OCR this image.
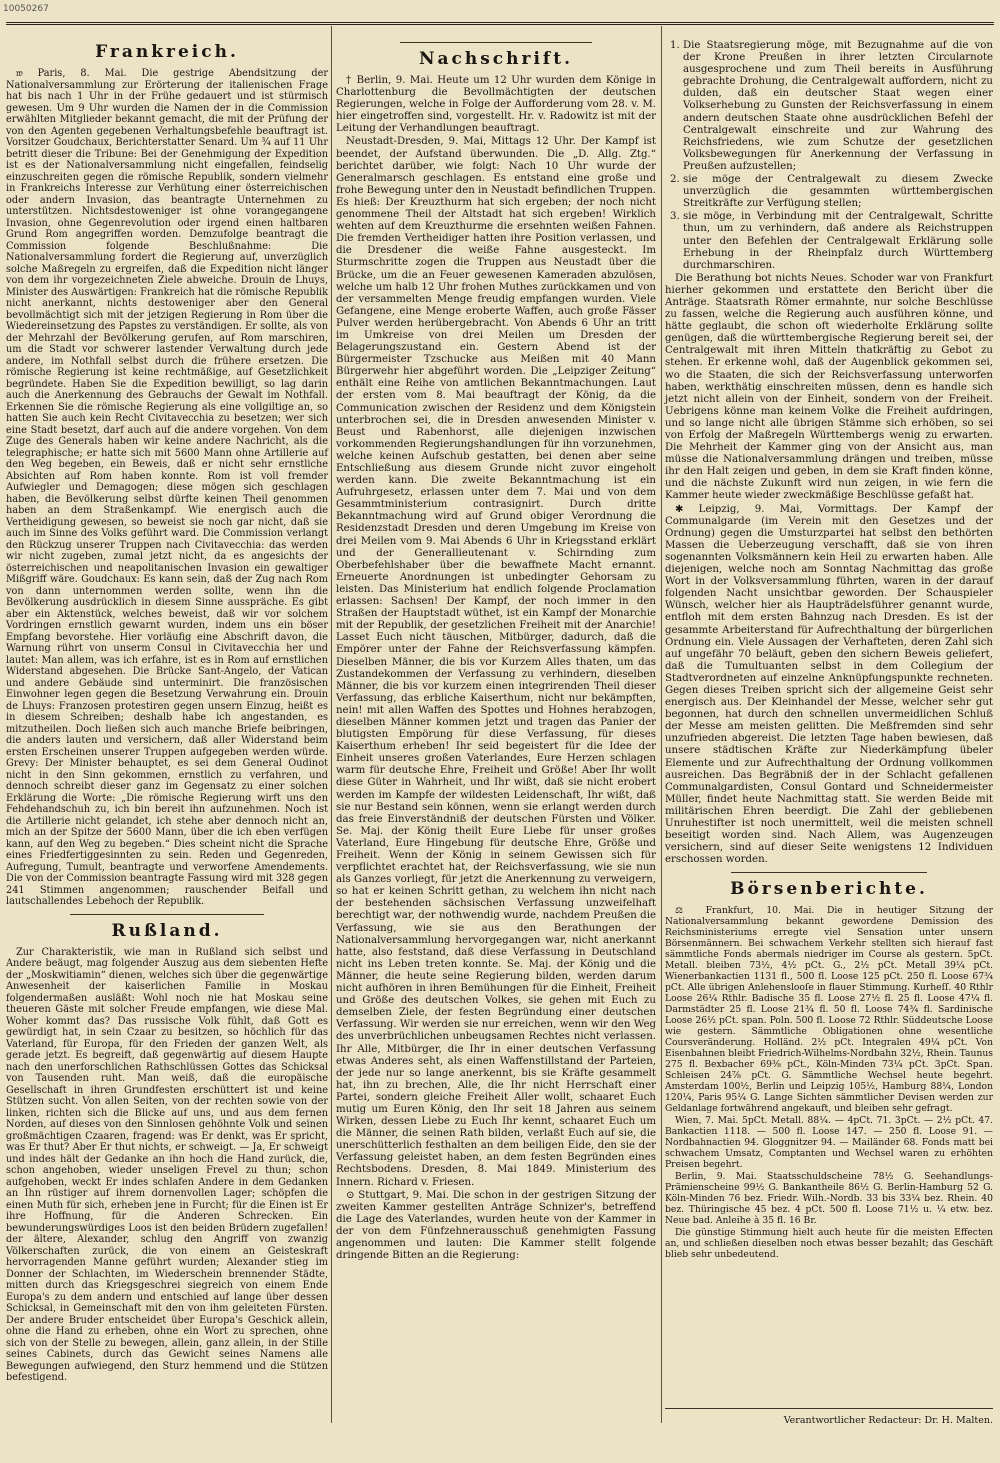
10050267
Frankreich.

𝔴 Paris, 8. Mai. Die gestrige Abendsitzung der Nationalversammlung zur Erörterung der italienischen Frage hat bis nach 1 Uhr in der Frühe gedauert und ist stürmisch gewesen. Um 9 Uhr wurden die Namen der in die Commission erwählten Mitglieder bekannt gemacht, die mit der Prüfung der von den Agenten gegebenen Verhaltungsbefehle beauftragt ist. Vorsitzer Goudchaux, Berichterstatter Senard. Um ¾ auf 11 Uhr betritt dieser die Tribune: Bei der Genehmigung der Expedition ist es der Nationalversammlung nicht eingefallen, feindselig einzuschreiten gegen die römische Republik, sondern vielmehr in Frankreichs Interesse zur Verhütung einer österreichischen oder andern Invasion, das beantragte Unternehmen zu unterstützen. Nichtsdestoweniger ist ohne vorangegangene Invasion, ohne Gegenrevolution oder irgend einen haltbaren Grund Rom angegriffen worden. Demzufolge beantragt die Commission folgende Beschlußnahme: Die Nationalversammlung fordert die Regierung auf, unverzüglich solche Maßregeln zu ergreifen, daß die Expedition nicht länger von dem ihr vorgezeichneten Ziele abweiche. Drouin de Lhuys, Minister des Auswärtigen: Frankreich hat die römische Republik nicht anerkannt, nichts destoweniger aber den General bevollmächtigt sich mit der jetzigen Regierung in Rom über die Wiedereinsetzung des Papstes zu verständigen. Er sollte, als von der Mehrzahl der Bevölkerung gerufen, auf Rom marschiren, um die Stadt vor schwerer lastender Verwaltung durch jede andere, im Nothfall selbst durch die frühere ersetzen. Die römische Regierung ist keine rechtmäßige, auf Gesetzlichkeit begründete. Haben Sie die Expedition bewilligt, so lag darin auch die Anerkennung des Gebrauchs der Gewalt im Nothfall. Erkennen Sie die römische Regierung als eine vollgiltige an, so hatten Sie auch kein Recht Civitavecchia zu besetzen; wer sich eine Stadt besetzt, darf auch auf die andere vorgehen. Von dem Zuge des Generals haben wir keine andere Nachricht, als die telegraphische; er hatte sich mit 5600 Mann ohne Artillerie auf den Weg begeben, ein Beweis, daß er nicht sehr ernstliche Absichten auf Rom haben konnte. Rom ist voll fremder Aufwiegler und Demagogen; diese mögen sich geschlagen haben, die Bevölkerung selbst dürfte keinen Theil genommen haben an dem Straßenkampf. Wie energisch auch die Vertheidigung gewesen, so beweist sie noch gar nicht, daß sie auch im Sinne des Volks geführt ward. Die Commission verlangt den Rückzug unserer Truppen nach Civitavecchia: das werden wir nicht zugeben, zumal jetzt nicht, da es angesichts der österreichischen und neapolitanischen Invasion ein gewaltiger Mißgriff wäre. Goudchaux: Es kann sein, daß der Zug nach Rom von dann unternommen werden sollte, wenn ihn die Bevölkerung ausdrücklich in diesem Sinne ausspräche. Es gibt aber ein Aktenstück, welches beweist, daß wir vor solchem Vordringen ernstlich gewarnt wurden, indem uns ein böser Empfang bevorstehe. Hier vorläufig eine Abschrift davon, die Warnung rührt von unserm Consul in Civitavecchia her und lautet: Man allem, was ich erfahre, ist es in Rom auf ernstlichen Widerstand abgesehen. Die Brücke Sant-Angelo, der Vatican und andere Gebäude sind unterminirt. Die französischen Einwohner legen gegen die Besetzung Verwahrung ein. Drouin de Lhuys: Franzosen protestiren gegen unsern Einzug, heißt es in diesem Schreiben; deshalb habe ich angestanden, es mitzutheilen. Doch ließen sich auch manche Briefe beibringen, die anders lauten und versichern, daß aller Widerstand beim ersten Erscheinen unserer Truppen aufgegeben werden würde. Grevy: Der Minister behauptet, es sei dem General Oudinot nicht in den Sinn gekommen, ernstlich zu verfahren, und dennoch schreibt dieser ganz im Gegensatz zu einer solchen Erklärung die Worte: „Die römische Regierung wirft uns den Fehdehandschuh zu, ich bin bereit ihn aufzunehmen. Noch ist die Artillerie nicht gelandet, ich stehe aber dennoch nicht an, mich an der Spitze der 5600 Mann, über die ich eben verfügen kann, auf den Weg zu begeben.“ Dies scheint nicht die Sprache eines Friedfertiggesinnten zu sein. Reden und Gegenreden, Aufregung, Tumult, beantragte und verworfene Amendements. Die von der Commission beantragte Fassung wird mit 328 gegen 241 Stimmen angenommen; rauschender Beifall und lautschallendes Lebehoch der Republik.

Rußland.

Zur Charakteristik, wie man in Rußland sich selbst und Andere beäugt, mag folgender Auszug aus dem siebenten Hefte der „Moskwitiamin“ dienen, welches sich über die gegenwärtige Anwesenheit der kaiserlichen Familie in Moskau folgendermaßen ausläßt: Wohl noch nie hat Moskau seine theueren Gäste mit solcher Freude empfangen, wie diese Mal. Woher kommt das? Das russische Volk fühlt, daß Gott es gewürdigt hat, in sein Czaar zu besitzen, so höchlich für das Vaterland, für Europa, für den Frieden der ganzen Welt, als gerade jetzt. Es begreift, daß gegenwärtig auf diesem Haupte nach den unerforschlichen Rathschlüssen Gottes das Schicksal von Tausenden ruht. Man weiß, daß die europäische Gesellschaft in ihren Grundfesten erschüttert ist und keine Stützen sucht. Von allen Seiten, von der rechten sowie von der linken, richten sich die Blicke auf uns, und aus dem fernen Norden, auf dieses von den Sinnlosen gehöhnte Volk und seinen großmächtigen Czaaren, fragend: was Er denkt, was Er spricht, was Er thut? Aber Er thut nichts, er schweigt. — Ja, Er schweigt und indes hält der Gedanke an ihn hoch die Hand zurück, die, schon angehoben, wieder unseligen Frevel zu thun; schon aufgehoben, weckt Er indes schlafen Andere in dem Gedanken an Ihn rüstiger auf ihrem dornenvollen Lager; schöpfen die einen Muth für sich, erheben jene in Furcht; für die Einen ist Er ihre Hoffnung, für die Anderen Schrecken. Ein bewunderungswürdiges Loos ist den beiden Brüdern zugefallen! der ältere, Alexander, schlug den Angriff von zwanzig Völkerschaften zurück, die von einem an Geisteskraft hervorragenden Manne geführt wurden; Alexander stieg im Donner der Schlachten, im Wiederschein brennender Städte, mitten durch das Kriegsgeschrei siegreich von einem Ende Europa's zu dem andern und entschied auf lange über dessen Schicksal, in Gemeinschaft mit den von ihm geleiteten Fürsten. Der andere Bruder entscheidet über Europa's Geschick allein, ohne die Hand zu erheben, ohne ein Wort zu sprechen, ohne sich von der Stelle zu bewegen, allein, ganz allein, in der Stille seines Cabinets, durch das Gewicht seines Namens alle Bewegungen aufwiegend, den Sturz hemmend und die Stützen befestigend.

Nachschrift.

† Berlin, 9. Mai. Heute um 12 Uhr wurden dem Könige in Charlottenburg die Bevollmächtigten der deutschen Regierungen, welche in Folge der Aufforderung vom 28. v. M. hier eingetroffen sind, vorgestellt. Hr. v. Radowitz ist mit der Leitung der Verhandlungen beauftragt.

Neustadt-Dresden, 9. Mai, Mittags 12 Uhr. Der Kampf ist beendet, der Aufstand überwunden. Die „D. Allg. Ztg.“ berichtet darüber, wie folgt: Nach 10 Uhr wurde der Generalmarsch geschlagen. Es entstand eine große und frohe Bewegung unter den in Neustadt befindlichen Truppen. Es hieß: Der Kreuzthurm hat sich ergeben; der noch nicht genommene Theil der Altstadt hat sich ergeben! Wirklich wehten auf dem Kreuzthurme die ersehnten weißen Fahnen. Die fremden Vertheidiger hatten ihre Position verlassen, und die Dresdener die weiße Fahne ausgesteckt. Im Sturmschritte zogen die Truppen aus Neustadt über die Brücke, um die an Feuer gewesenen Kameraden abzulösen, welche um halb 12 Uhr frohen Muthes zurückkamen und von der versammelten Menge freudig empfangen wurden. Viele Gefangene, eine Menge eroberte Waffen, auch große Fässer Pulver werden herübergebracht. Von Abends 6 Uhr an tritt im Umkreise von drei Meilen um Dresden der Belagerungszustand ein. Gestern Abend ist der Bürgermeister Tzschucke aus Meißen mit 40 Mann Bürgerwehr hier abgeführt worden. Die „Leipziger Zeitung“ enthält eine Reihe von amtlichen Bekanntmachungen. Laut der ersten vom 8. Mai beauftragt der König, da die Communication zwischen der Residenz und dem Königstein unterbrochen sei, die in Dresden anwesenden Minister v. Beust und Rabenhorst, alle diejenigen inzwischen vorkommenden Regierungshandlungen für ihn vorzunehmen, welche keinen Aufschub gestatten, bei denen aber seine Entschließung aus diesem Grunde nicht zuvor eingeholt werden kann. Die zweite Bekanntmachung ist ein Aufruhrgesetz, erlassen unter dem 7. Mai und von dem Gesammtministerium contrasignirt. Durch dritte Bekanntmachung wird auf Grund obiger Verordnung die Residenzstadt Dresden und deren Umgebung im Kreise von drei Meilen vom 9. Mai Abends 6 Uhr in Kriegsstand erklärt und der Generallieutenant v. Schirnding zum Oberbefehlshaber über die bewaffnete Macht ernannt. Erneuerte Anordnungen ist unbedingter Gehorsam zu leisten. Das Ministerium hat endlich folgende Proclamation erlassen: Sachsen! Der Kampf, der noch immer in den Straßen der Hauptstadt wüthet, ist ein Kampf der Monarchie mit der Republik, der gesetzlichen Freiheit mit der Anarchie! Lasset Euch nicht täuschen, Mitbürger, dadurch, daß die Empörer unter der Fahne der Reichsverfassung kämpfen. Dieselben Männer, die bis vor Kurzem Alles thaten, um das Zustandekommen der Verfassung zu verhindern, dieselben Männer, die bis vor kurzem einen integrirenden Theil dieser Verfassung, das erbliche Kaiserthum, nicht nur bekämpften, nein! mit allen Waffen des Spottes und Hohnes herabzogen, dieselben Männer kommen jetzt und tragen das Panier der blutigsten Empörung für diese Verfassung, für dieses Kaiserthum erheben! Ihr seid begeistert für die Idee der Einheit unseres großen Vaterlandes, Eure Herzen schlagen warm für deutsche Ehre, Freiheit und Größe! Aber Ihr wollt diese Güter in Wahrheit, und Ihr wißt, daß sie nicht erobert werden im Kampfe der wildesten Leidenschaft, Ihr wißt, daß sie nur Bestand sein können, wenn sie erlangt werden durch das freie Einverständniß der deutschen Fürsten und Völker. Se. Maj. der König theilt Eure Liebe für unser großes Vaterland, Eure Hingebung für deutsche Ehre, Größe und Freiheit. Wenn der König in seinem Gewissen sich für verpflichtet erachtet hat, der Reichsverfassung, wie sie nun als Ganzes vorliegt, für jetzt die Anerkennung zu verweigern, so hat er keinen Schritt gethan, zu welchem ihn nicht nach der bestehenden sächsischen Verfassung unzweifelhaft berechtigt war, der nothwendig wurde, nachdem Preußen die Verfassung, wie sie aus den Berathungen der Nationalversammlung hervorgegangen war, nicht anerkannt hatte, also feststand, daß diese Verfassung in Deutschland nicht ins Leben treten konnte. Se. Maj. der König und die Männer, die heute seine Regierung bilden, werden darum nicht aufhören in ihren Bemühungen für die Einheit, Freiheit und Größe des deutschen Volkes, sie gehen mit Euch zu demselben Ziele, der festen Begründung einer deutschen Verfassung. Wir werden sie nur erreichen, wenn wir den Weg des unverbrüchlichen unbeugsamen Rechtes nicht verlassen. Ihr Alle, Mitbürger, die Ihr in einer deutschen Verfassung etwas Anderes seht, als einen Waffenstillstand der Parteien, der jede nur so lange anerkennt, bis sie Kräfte gesammelt hat, ihn zu brechen, Alle, die Ihr nicht Herrschaft einer Partei, sondern gleiche Freiheit Aller wollt, schaaret Euch mutig um Euren König, den Ihr seit 18 Jahren aus seinem Wirken, dessen Liebe zu Euch Ihr kennt, schaaret Euch um die Männer, die seinen Rath bilden, verlaßt Euch auf sie, die unerschütterlich festhalten an dem beiligen Eide, den sie der Verfassung geleistet haben, an dem festen Begründen eines Rechtsbodens. Dresden, 8. Mai 1849. Ministerium des Innern. Richard v. Friesen.

⊙ Stuttgart, 9. Mai. Die schon in der gestrigen Sitzung der zweiten Kammer gestellten Anträge Schnizer's, betreffend die Lage des Vaterlandes, wurden heute von der Kammer in der von dem Fünfzehnerausschuß genehmigten Fassung angenommen und lauten: Die Kammer stellt folgende dringende Bitten an die Regierung:

1. Die Staatsregierung möge, mit Bezugnahme auf die von der Krone Preußen in ihrer letzten Circularnote ausgesprochene und zum Theil bereits in Ausführung gebrachte Drohung, die Centralgewalt auffordern, nicht zu dulden, daß ein deutscher Staat wegen einer Volkserhebung zu Gunsten der Reichsverfassung in einem andern deutschen Staate ohne ausdrücklichen Befehl der Centralgewalt einschreite und zur Wahrung des Reichsfriedens, wie zum Schutze der gesetzlichen Volksbewegungen für Anerkennung der Verfassung in Preußen aufzustellen;
2. sie möge der Centralgewalt zu diesem Zwecke unverzüglich die gesammten württembergischen Streitkräfte zur Verfügung stellen;
3. sie möge, in Verbindung mit der Centralgewalt, Schritte thun, um zu verhindern, daß andere als Reichstruppen unter den Befehlen der Centralgewalt Erklärung solle Erhebung in der Rheinpfalz durch Württemberg durchmarschiren.

Die Berathung bot nichts Neues. Schoder war von Frankfurt hierher gekommen und erstattete den Bericht über die Anträge. Staatsrath Römer ermahnte, nur solche Beschlüsse zu fassen, welche die Regierung auch ausführen könne, und hätte geglaubt, die schon oft wiederholte Erklärung sollte genügen, daß die württembergische Regierung bereit sei, der Centralgewalt mit ihren Mitteln thatkräftig zu Gebot zu stehen. Er erkenne wohl, daß der Augenblick gekommen sei, wo die Staaten, die sich der Reichsverfassung unterworfen haben, werkthätig einschreiten müssen, denn es handle sich jetzt nicht allein von der Einheit, sondern von der Freiheit. Uebrigens könne man keinem Volke die Freiheit aufdringen, und so lange nicht alle übrigen Stämme sich erhöben, so sei von Erfolg der Maßregeln Württembergs wenig zu erwarten. Die Mehrheit der Kammer ging von der Ansicht aus, man müsse die Nationalversammlung drängen und treiben, müsse ihr den Halt zeigen und geben, in dem sie Kraft finden könne, und die nächste Zukunft wird nun zeigen, in wie fern die Kammer heute wieder zweckmäßige Beschlüsse gefaßt hat.

✱ Leipzig, 9. Mai, Vormittags. Der Kampf der Communalgarde (im Verein mit den Gesetzes und der Ordnung) gegen die Umsturzpartei hat selbst den bethörten Massen die Ueberzeugung verschafft, daß sie von ihren sogenannten Volksmännern kein Heil zu erwarten haben. Alle diejenigen, welche noch am Sonntag Nachmittag das große Wort in der Volksversammlung führten, waren in der darauf folgenden Nacht unsichtbar geworden. Der Schauspieler Wünsch, welcher hier als Haupträdelsführer genannt wurde, entfloh mit dem ersten Bahnzug nach Dresden. Es ist der gesammte Arbeiterstand für Aufrechthaltung der bürgerlichen Ordnung ein. Viele Aussagen der Verhafteten, deren Zahl sich auf ungefähr 70 beläuft, geben den sichern Beweis geliefert, daß die Tumultuanten selbst in dem Collegium der Stadtverordneten auf einzelne Anknüpfungspunkte rechneten. Gegen dieses Treiben spricht sich der allgemeine Geist sehr energisch aus. Der Kleinhandel der Messe, welcher sehr gut begonnen, hat durch den schnellen unvermeidlichen Schluß der Messe am meisten gelitten. Die Meßfremden sind sehr unzufrieden abgereist. Die letzten Tage haben bewiesen, daß unsere städtischen Kräfte zur Niederkämpfung übeler Elemente und zur Aufrechthaltung der Ordnung vollkommen ausreichen. Das Begräbniß der in der Schlacht gefallenen Communalgardisten, Consul Gontard und Schneidermeister Müller, findet heute Nachmittag statt. Sie werden Beide mit militärischen Ehren beerdigt. Die Zahl der gebliebenen Unruhestifter ist noch unermittelt, weil die meisten schnell beseitigt worden sind. Nach Allem, was Augenzeugen versichern, sind auf dieser Seite wenigstens 12 Individuen erschossen worden.

Börsenberichte.

⚖ Frankfurt, 10. Mai. Die in heutiger Sitzung der Nationalversammlung bekannt gewordene Demission des Reichsministeriums erregte viel Sensation unter unsern Börsenmännern. Bei schwachem Verkehr stellten sich hierauf fast sämmtliche Fonds abermals niedriger im Course als gestern. 5pCt. Metall. bleiben 73½, 4½ pCt. G., 2½ pCt. Metall 39¼ pCt. Wienerbankactien 1131 fl., 500 fl. Loose 125 pCt. 250 fl. Loose 67¾ pCt. Alle übrigen Anlehenslooſe in flauer Stimmung. Kurheſſ. 40 Rthlr Loose 26¼ Rthlr. Badische 35 fl. Loose 27½ fl. 25 fl. Loose 47¼ fl. Darmstädter 25 fl. Loose 21¾ fl. 50 fl. Loose 74¾ fl. Sardinische Loose 26½ pCt. span. Poln. 500 fl. Loose 72 Rthlr. Süddeutsche Loose wie gestern. Sämmtliche Obligationen ohne wesentliche Coursveränderung. Holländ. 2½ pCt. Integralen 49¼ pCt. Von Eisenbahnen bleibt Friedrich-Wilhelms-Nordbahn 32½, Rhein. Taunus 275 fl. Bexbacher 69⅜ pCt., Köln-Minden 73¼ pCt. 3pCt. Span. Schleisen 24⅞ pCt. G. Sämmtliche Wechsel heute begehrt. Amsterdam 100½, Berlin und Leipzig 105½, Hamburg 88¼, London 120¼, Paris 95¼ G. Lange Sichten sämmtlicher Devisen werden zur Geldanlage fortwährend angekauft, und bleiben sehr gefragt.

Wien, 7. Mai. 5pCt. Metall. 88¼. — 4pCt. 71. 3pCt. — 2½ pCt. 47. Bankactien 1118. — 500 fl. Loose 147. — 250 fl. Loose 91. — Nordbahnactien 94. Gloggnitzer 94. — Mailänder 68. Fonds matt bei schwachem Umsatz, Comptanten und Wechsel waren zu erhöhten Preisen begehrt.

Berlin, 9. Mai. Staatsschuldscheine 78½ G. Seehandlungs-Prämienscheine 99½ G. Bankantheile 86½ G. Berlin-Hamburg 52 G. Köln-Minden 76 bez. Friedr. Wilh.-Nordb. 33 bis 33¼ bez. Rhein. 40 bez. Thüringische 45 bez. 4 pCt. 500 fl. Loose 71½ u. ¼ etw. bez. Neue bad. Anleihe à 35 fl. 16 Br.

Die günstige Stimmung hielt auch heute für die meisten Effecten an, und schließen dieselben noch etwas besser bezahlt; das Geschäft blieb sehr unbedeutend.

Verantwortlicher Redacteur: Dr. H. Malten.
